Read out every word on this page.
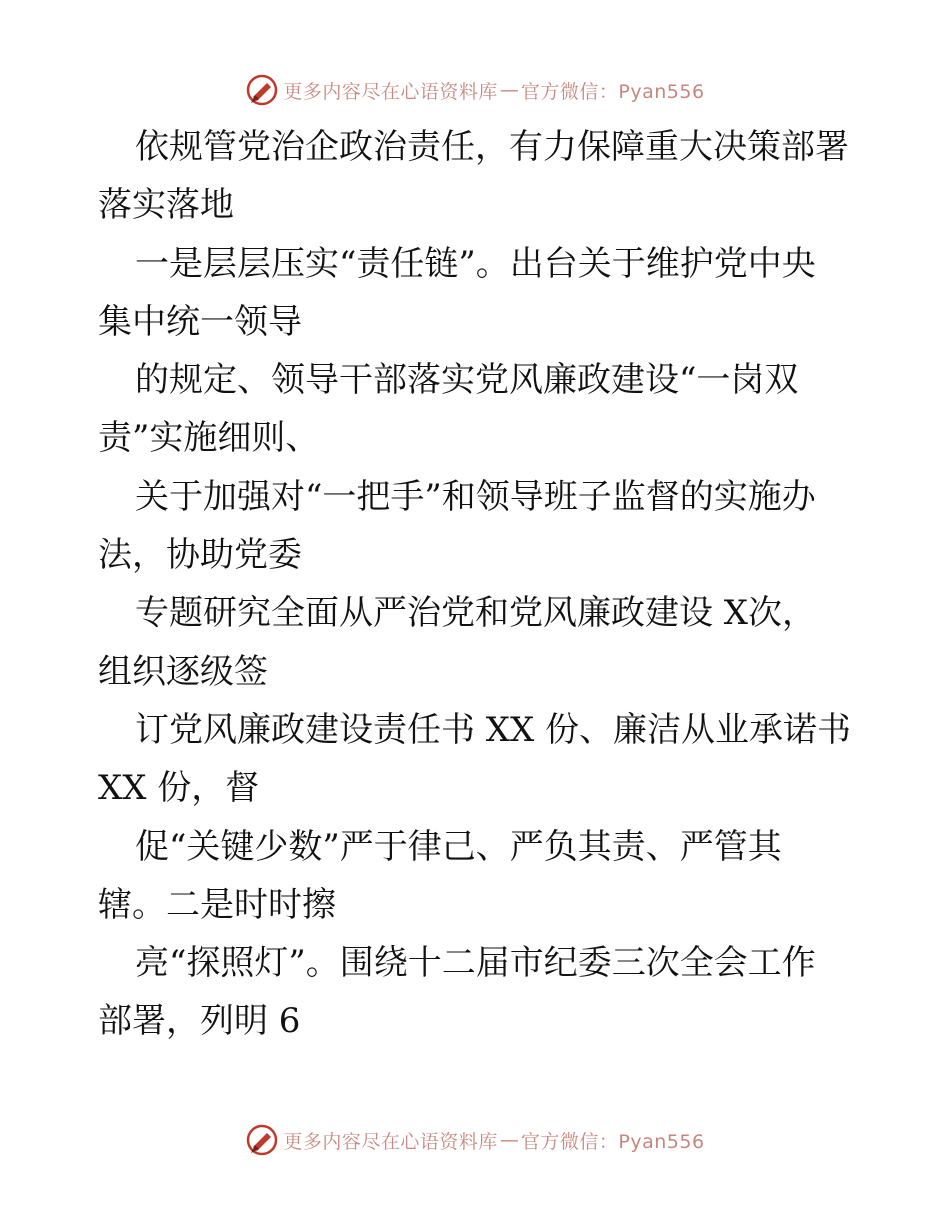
更多内容尽在心语资料库 — 官方微信：Pyan556
依规管党治企政治责任，有力保障重大决策部署
落实落地
一是层层压实“责任链”。出台关于维护党中央
集中统一领导
的规定、领导干部落实党风廉政建设“一岗双
责”实施细则、
关于加强对“一把手”和领导班子监督的实施办
法，协助党委
专题研究全面从严治党和党风廉政建设 X次，
组织逐级签
订党风廉政建设责任书 XX 份、廉洁从业承诺书
XX 份，督
促“关键少数”严于律己、严负其责、严管其
辖。二是时时擦
亮“探照灯”。围绕十二届市纪委三次全会工作
部署，列明 6
更多内容尽在心语资料库 — 官方微信：Pyan556
